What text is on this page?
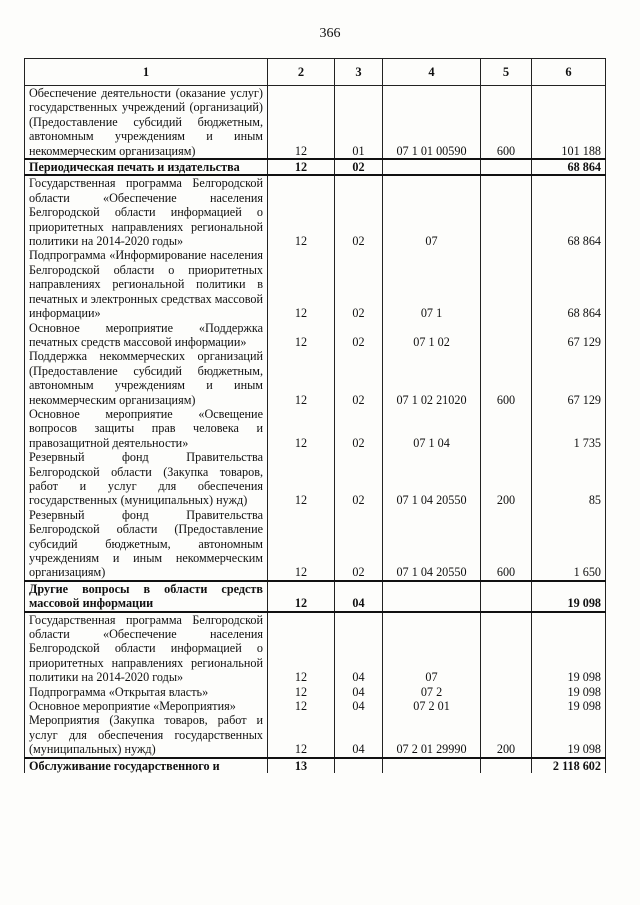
366
1	2	3	4	5	6
Обеспечение деятельности (оказание услуг) государственных учреждений (организаций) (Предоставление субсидий бюджетным, автономным учреждениям и иным некоммерческим организациям)	12	01	07 1 01 00590	600	101 188
Периодическая печать и издательства	12	02			68 864
Государственная программа Белгородской области «Обеспечение населения Белгородской области информацией о приоритетных направлениях региональной политики на 2014-2020 годы»	12	02	07		68 864
Подпрограмма «Информирование населения Белгородской области о приоритетных направлениях региональной политики в печатных и электронных средствах массовой информации»	12	02	07 1		68 864
Основное мероприятие «Поддержка печатных средств массовой информации»	12	02	07 1 02		67 129
Поддержка некоммерческих организаций (Предоставление субсидий бюджетным, автономным учреждениям и иным некоммерческим организациям)	12	02	07 1 02 21020	600	67 129
Основное мероприятие «Освещение вопросов защиты прав человека и правозащитной деятельности»	12	02	07 1 04		1 735
Резервный фонд Правительства Белгородской области (Закупка товаров, работ и услуг для обеспечения государственных (муниципальных) нужд)	12	02	07 1 04 20550	200	85
Резервный фонд Правительства Белгородской области (Предоставление субсидий бюджетным, автономным учреждениям и иным некоммерческим организациям)	12	02	07 1 04 20550	600	1 650
Другие вопросы в области средств массовой информации	12	04			19 098
Государственная программа Белгородской области «Обеспечение населения Белгородской области информацией о приоритетных направлениях региональной политики на 2014-2020 годы»	12	04	07		19 098
Подпрограмма «Открытая власть»	12	04	07 2		19 098
Основное мероприятие «Мероприятия»	12	04	07 2 01		19 098
Мероприятия (Закупка товаров, работ и услуг для обеспечения государственных (муниципальных) нужд)	12	04	07 2 01 29990	200	19 098
Обслуживание государственного и	13				2 118 602
